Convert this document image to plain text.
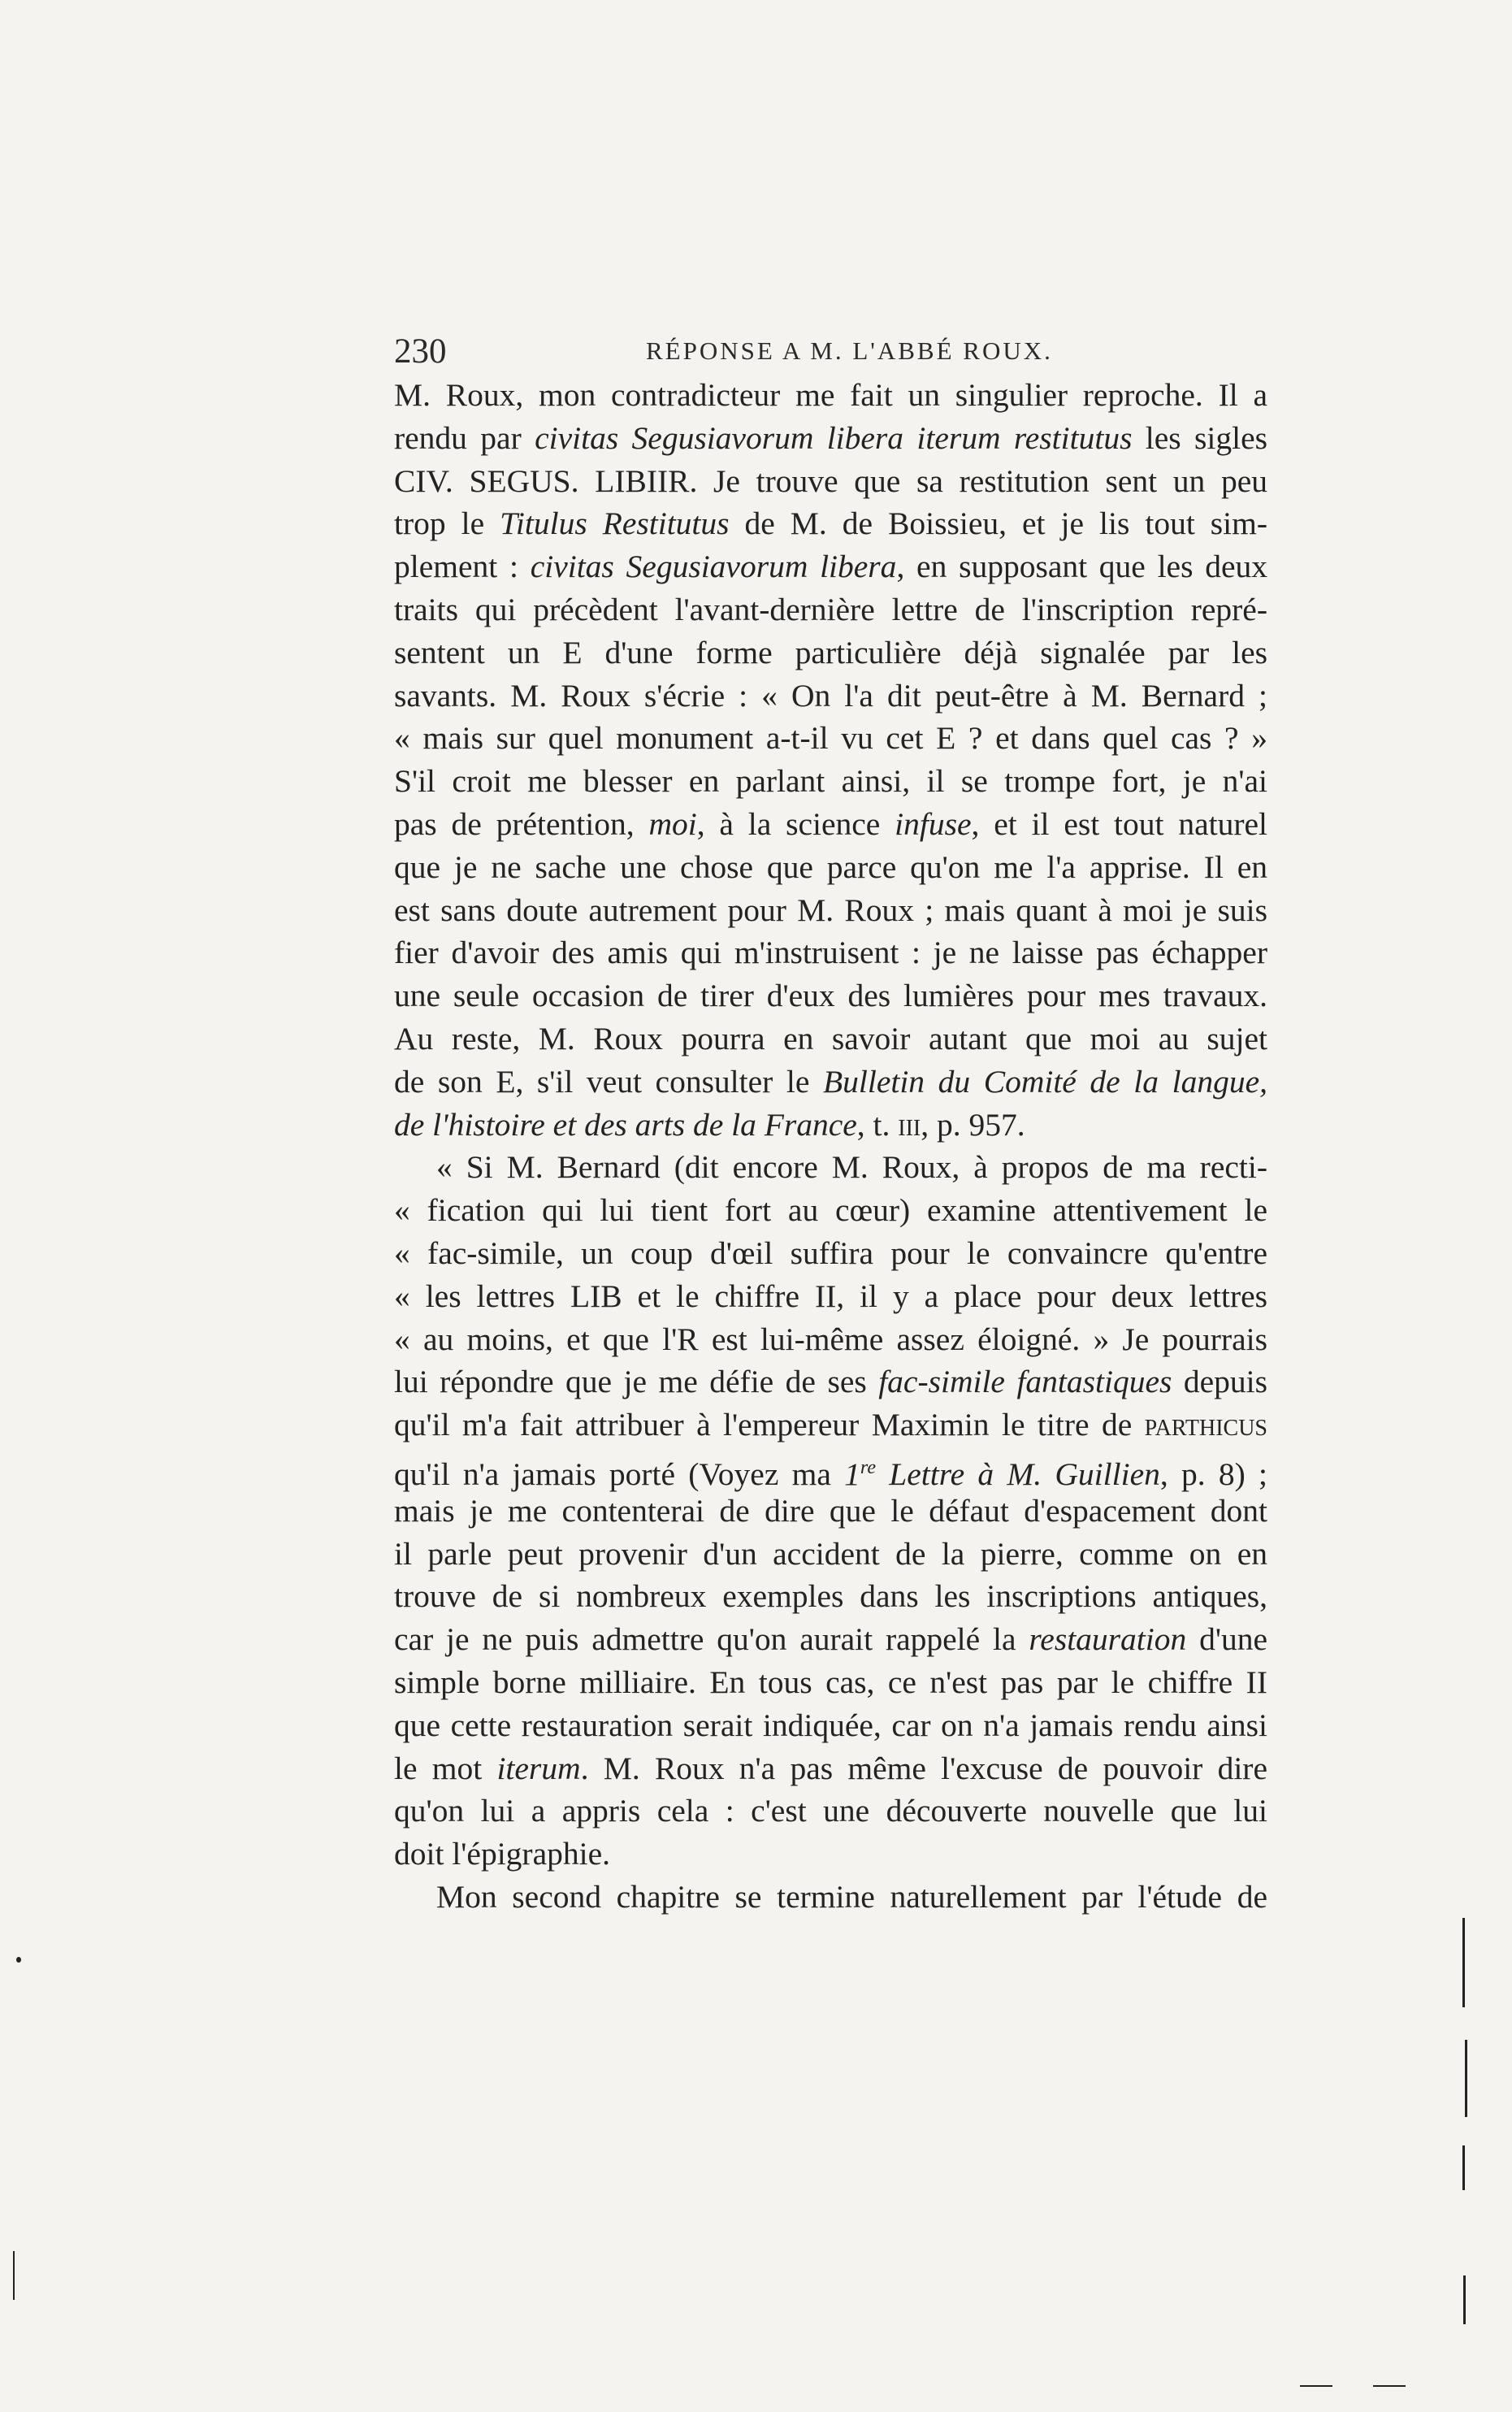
230	RÉPONSE A M. L'ABBÉ ROUX.
M. Roux, mon contradicteur me fait un singulier reproche. Il a
rendu par civitas Segusiavorum libera iterum restitutus les sigles
CIV. SEGUS. LIBIIR. Je trouve que sa restitution sent un peu
trop le Titulus Restitutus de M. de Boissieu, et je lis tout sim-
plement : civitas Segusiavorum libera, en supposant que les deux
traits qui précèdent l'avant-dernière lettre de l'inscription repré-
sentent un E d'une forme particulière déjà signalée par les
savants. M. Roux s'écrie : « On l'a dit peut-être à M. Bernard ;
« mais sur quel monument a-t-il vu cet E ? et dans quel cas ? »
S'il croit me blesser en parlant ainsi, il se trompe fort, je n'ai
pas de prétention, moi, à la science infuse, et il est tout naturel
que je ne sache une chose que parce qu'on me l'a apprise. Il en
est sans doute autrement pour M. Roux ; mais quant à moi je suis
fier d'avoir des amis qui m'instruisent : je ne laisse pas échapper
une seule occasion de tirer d'eux des lumières pour mes travaux.
Au reste, M. Roux pourra en savoir autant que moi au sujet
de son E, s'il veut consulter le Bulletin du Comité de la langue,
de l'histoire et des arts de la France, t. iii, p. 957.
« Si M. Bernard (dit encore M. Roux, à propos de ma recti-
« fication qui lui tient fort au cœur) examine attentivement le
« fac-simile, un coup d'œil suffira pour le convaincre qu'entre
« les lettres LIB et le chiffre II, il y a place pour deux lettres
« au moins, et que l'R est lui-même assez éloigné. » Je pourrais
lui répondre que je me défie de ses fac-simile fantastiques depuis
qu'il m'a fait attribuer à l'empereur Maximin le titre de parthicus
qu'il n'a jamais porté (Voyez ma 1re Lettre à M. Guillien, p. 8) ;
mais je me contenterai de dire que le défaut d'espacement dont
il parle peut provenir d'un accident de la pierre, comme on en
trouve de si nombreux exemples dans les inscriptions antiques,
car je ne puis admettre qu'on aurait rappelé la restauration d'une
simple borne milliaire. En tous cas, ce n'est pas par le chiffre II
que cette restauration serait indiquée, car on n'a jamais rendu ainsi
le mot iterum. M. Roux n'a pas même l'excuse de pouvoir dire
qu'on lui a appris cela : c'est une découverte nouvelle que lui
doit l'épigraphie.
Mon second chapitre se termine naturellement par l'étude de
